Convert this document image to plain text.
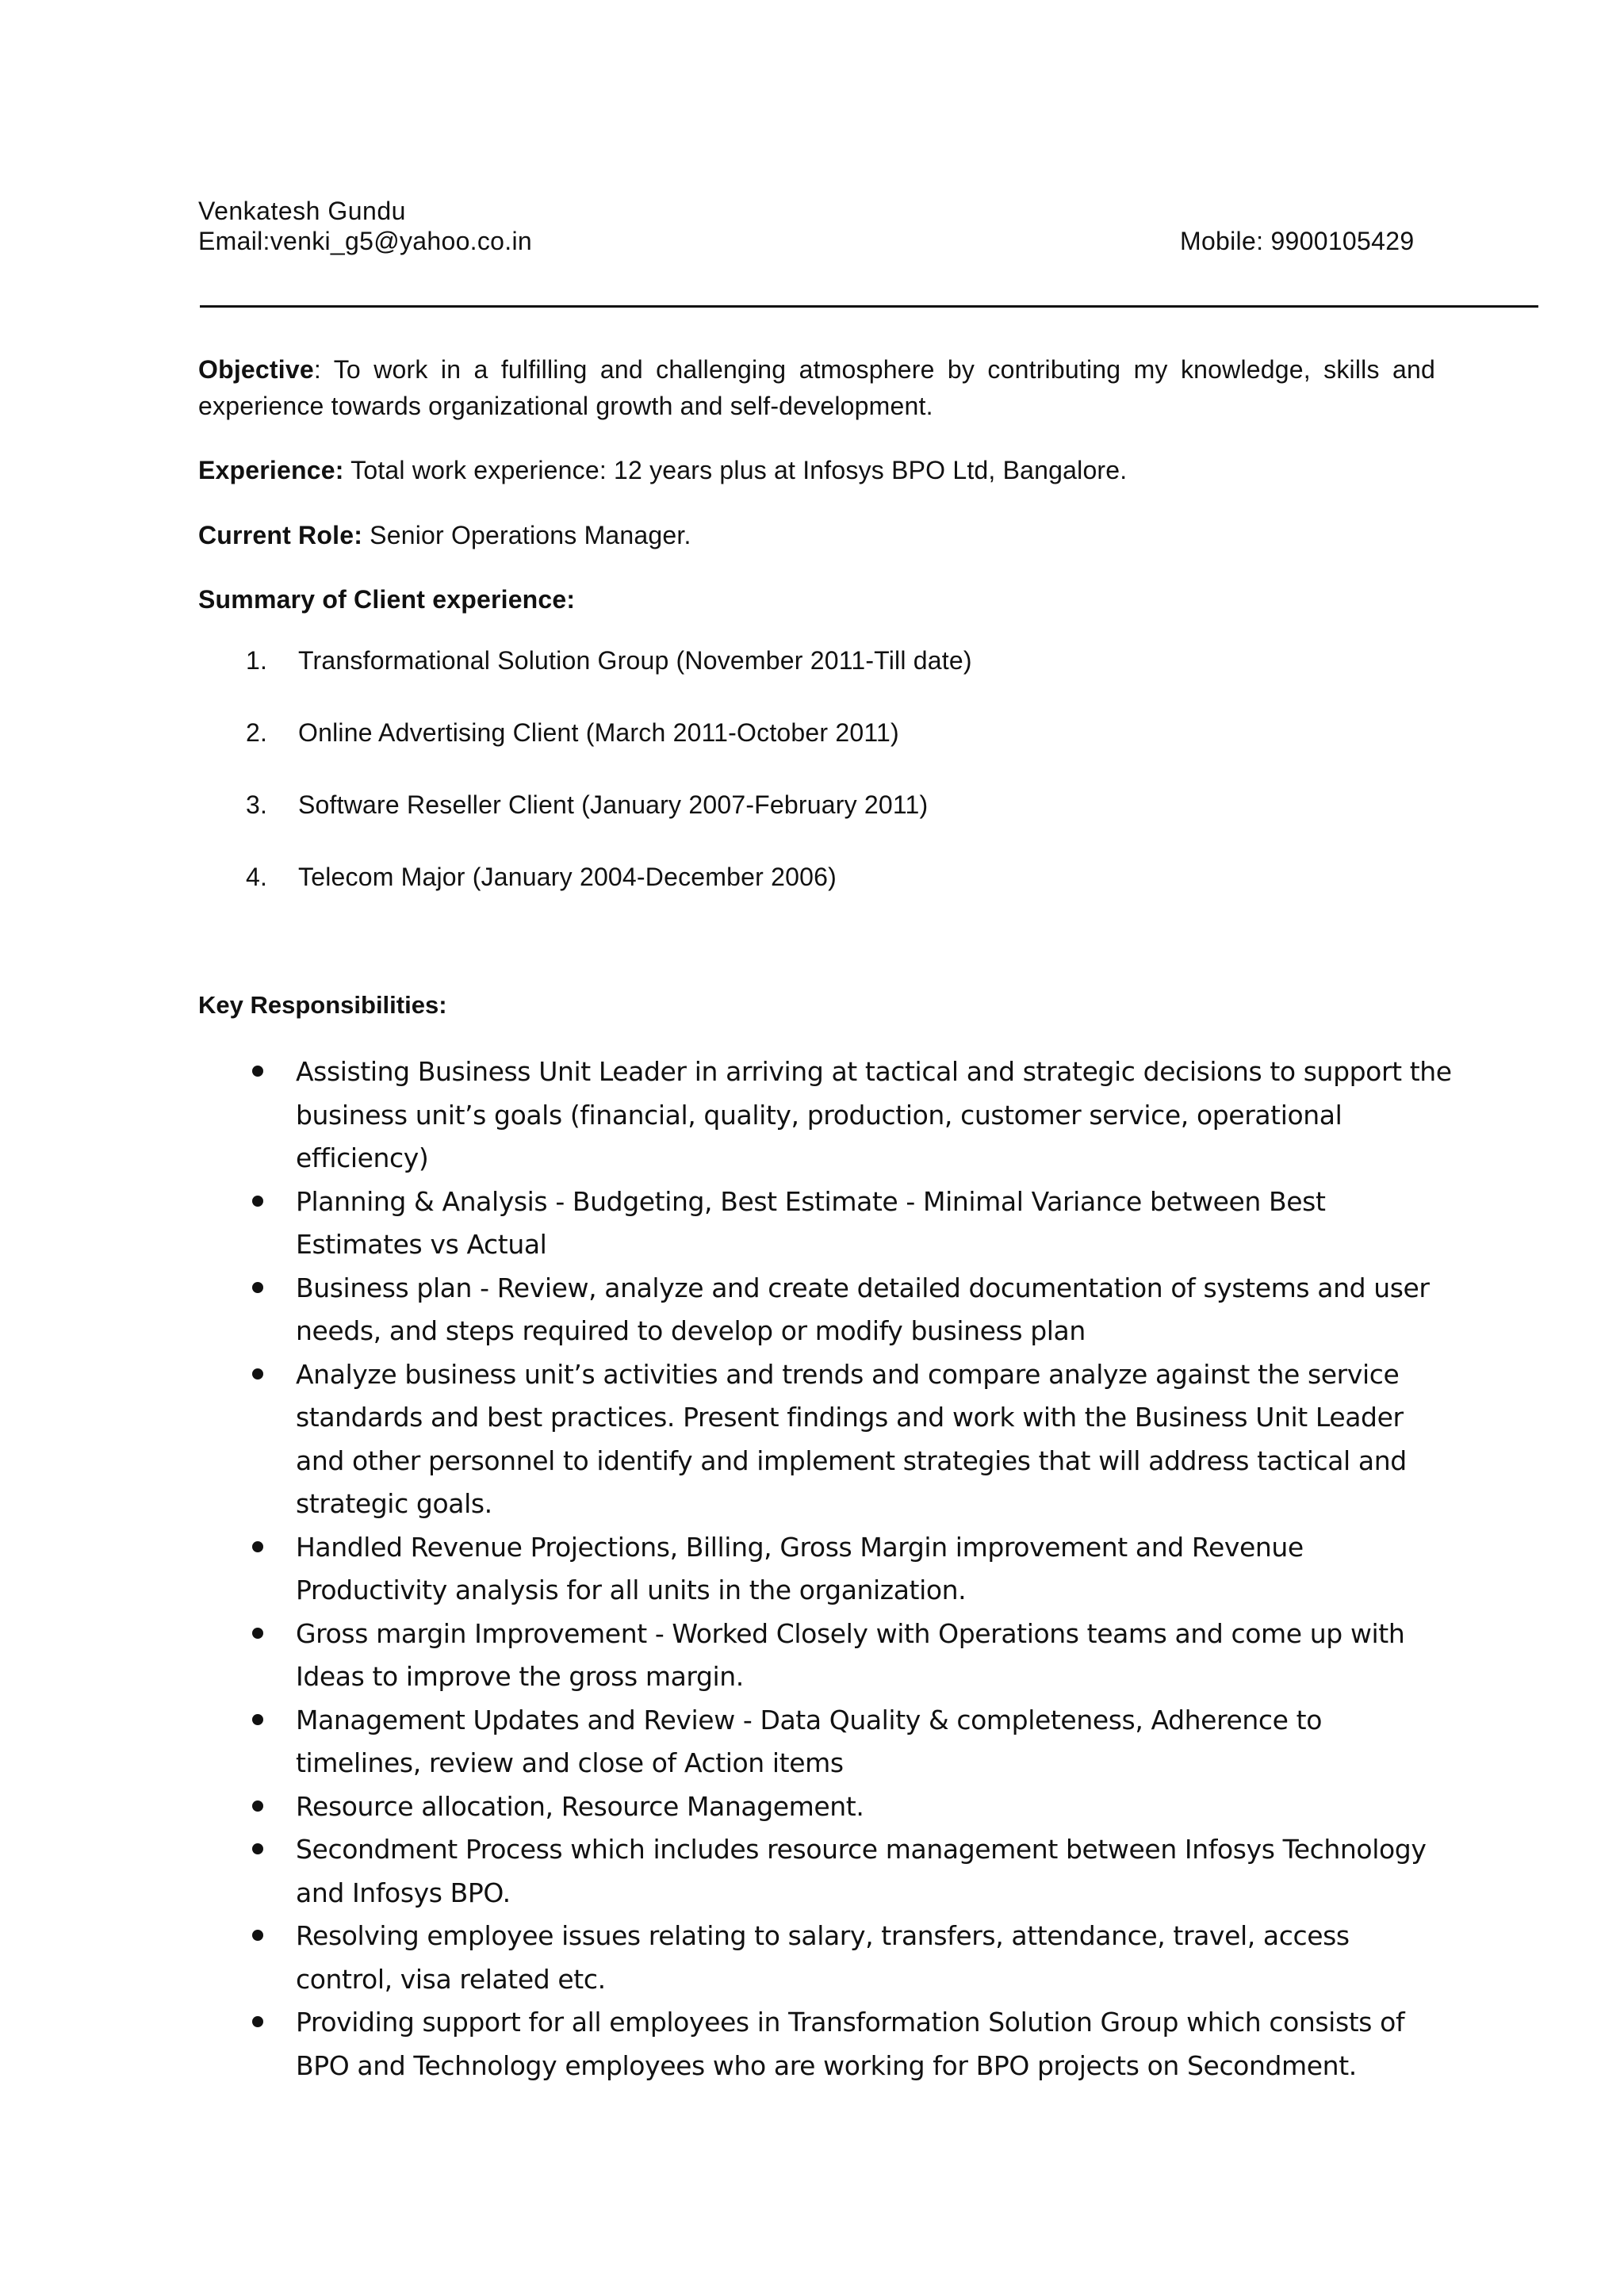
Venkatesh Gundu
Email:venki_g5@yahoo.co.in	Mobile: 9900105429
Objective: To work in a fulfilling and challenging atmosphere by contributing my knowledge, skills and experience towards organizational growth and self-development.
Experience: Total work experience: 12 years plus at Infosys BPO Ltd, Bangalore.
Current Role: Senior Operations Manager.
Summary of Client experience:
1. Transformational Solution Group (November 2011-Till date)
2. Online Advertising Client (March 2011-October 2011)
3. Software Reseller Client (January 2007-February 2011)
4. Telecom Major (January 2004-December 2006)
Key Responsibilities:
Assisting Business Unit Leader in arriving at tactical and strategic decisions to support the business unit’s goals (financial, quality, production, customer service, operational efficiency)
Planning & Analysis - Budgeting, Best Estimate - Minimal Variance between Best Estimates vs Actual
Business plan - Review, analyze and create detailed documentation of systems and user needs, and steps required to develop or modify business plan
Analyze business unit’s activities and trends and compare analyze against the service standards and best practices. Present findings and work with the Business Unit Leader and other personnel to identify and implement strategies that will address tactical and strategic goals.
Handled Revenue Projections, Billing, Gross Margin improvement and Revenue Productivity analysis for all units in the organization.
Gross margin Improvement - Worked Closely with Operations teams and come up with Ideas to improve the gross margin.
Management Updates and Review - Data Quality & completeness, Adherence to timelines, review and close of Action items
Resource allocation, Resource Management.
Secondment Process which includes resource management between Infosys Technology and Infosys BPO.
Resolving employee issues relating to salary, transfers, attendance, travel, access control, visa related etc.
Providing support for all employees in Transformation Solution Group which consists of BPO and Technology employees who are working for BPO projects on Secondment.
